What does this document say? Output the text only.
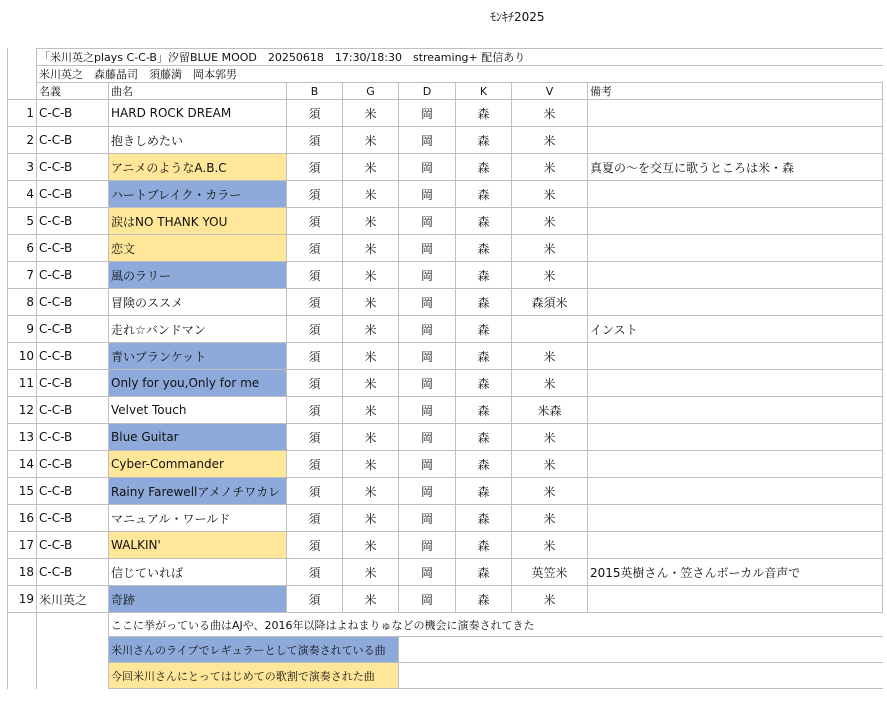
ﾓﾝｷﾁ2025
	「米川英之plays C-C-B」汐留BLUE MOOD　20250618　17:30/18:30　streaming+ 配信あり							
	米川英之　森藤晶司　須藤満　岡本郭男							
	名義	曲名	B	G	D	K	V	備考
1	C-C-B	HARD ROCK DREAM	須	米	岡	森	米	
2	C-C-B	抱きしめたい	須	米	岡	森	米	
3	C-C-B	アニメのようなA.B.C	須	米	岡	森	米	真夏の～を交互に歌うところは米・森
4	C-C-B	ハートブレイク・カラー	須	米	岡	森	米	
5	C-C-B	涙はNO THANK YOU	須	米	岡	森	米	
6	C-C-B	恋文	須	米	岡	森	米	
7	C-C-B	風のラリー	須	米	岡	森	米	
8	C-C-B	冒険のススメ	須	米	岡	森	森須米	
9	C-C-B	走れ☆バンドマン	須	米	岡	森		インスト
10	C-C-B	青いブランケット	須	米	岡	森	米	
11	C-C-B	Only for you,Only for me	須	米	岡	森	米	
12	C-C-B	Velvet Touch	須	米	岡	森	米森	
13	C-C-B	Blue Guitar	須	米	岡	森	米	
14	C-C-B	Cyber-Commander	須	米	岡	森	米	
15	C-C-B	Rainy Farewellアメノチワカレ	須	米	岡	森	米	
16	C-C-B	マニュアル・ワールド	須	米	岡	森	米	
17	C-C-B	WALKIN'	須	米	岡	森	米	
18	C-C-B	信じていれば	須	米	岡	森	英笠米	2015英樹さん・笠さんボーカル音声で
19	米川英之	奇跡	須	米	岡	森	米	
		ここに挙がっている曲はAJや、2016年以降はよねまりゅなどの機会に演奏されてきた						
		米川さんのライブでレギュラーとして演奏されている曲						
		今回米川さんにとってはじめての歌割で演奏された曲						
